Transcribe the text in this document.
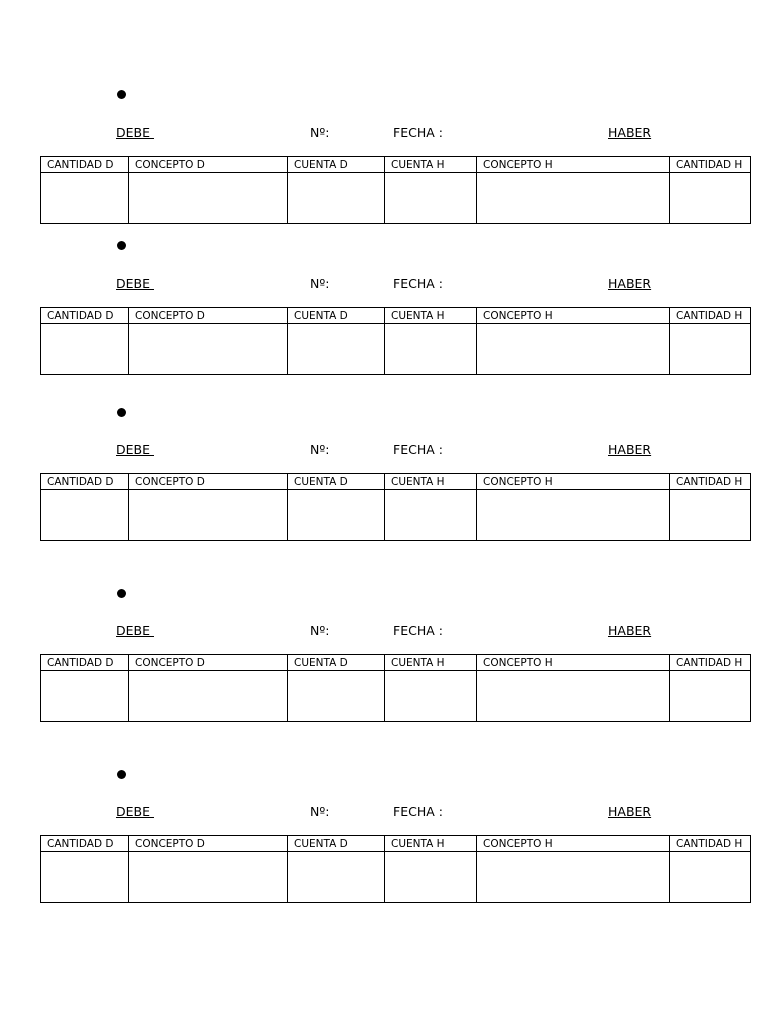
DEBE	Nº:	FECHA :	HABER
CANTIDAD D	CONCEPTO D	CUENTA D	CUENTA H	CONCEPTO H	CANTIDAD H

DEBE	Nº:	FECHA :	HABER
CANTIDAD D	CONCEPTO D	CUENTA D	CUENTA H	CONCEPTO H	CANTIDAD H

DEBE	Nº:	FECHA :	HABER
CANTIDAD D	CONCEPTO D	CUENTA D	CUENTA H	CONCEPTO H	CANTIDAD H

DEBE	Nº:	FECHA :	HABER
CANTIDAD D	CONCEPTO D	CUENTA D	CUENTA H	CONCEPTO H	CANTIDAD H

DEBE	Nº:	FECHA :	HABER
CANTIDAD D	CONCEPTO D	CUENTA D	CUENTA H	CONCEPTO H	CANTIDAD H
